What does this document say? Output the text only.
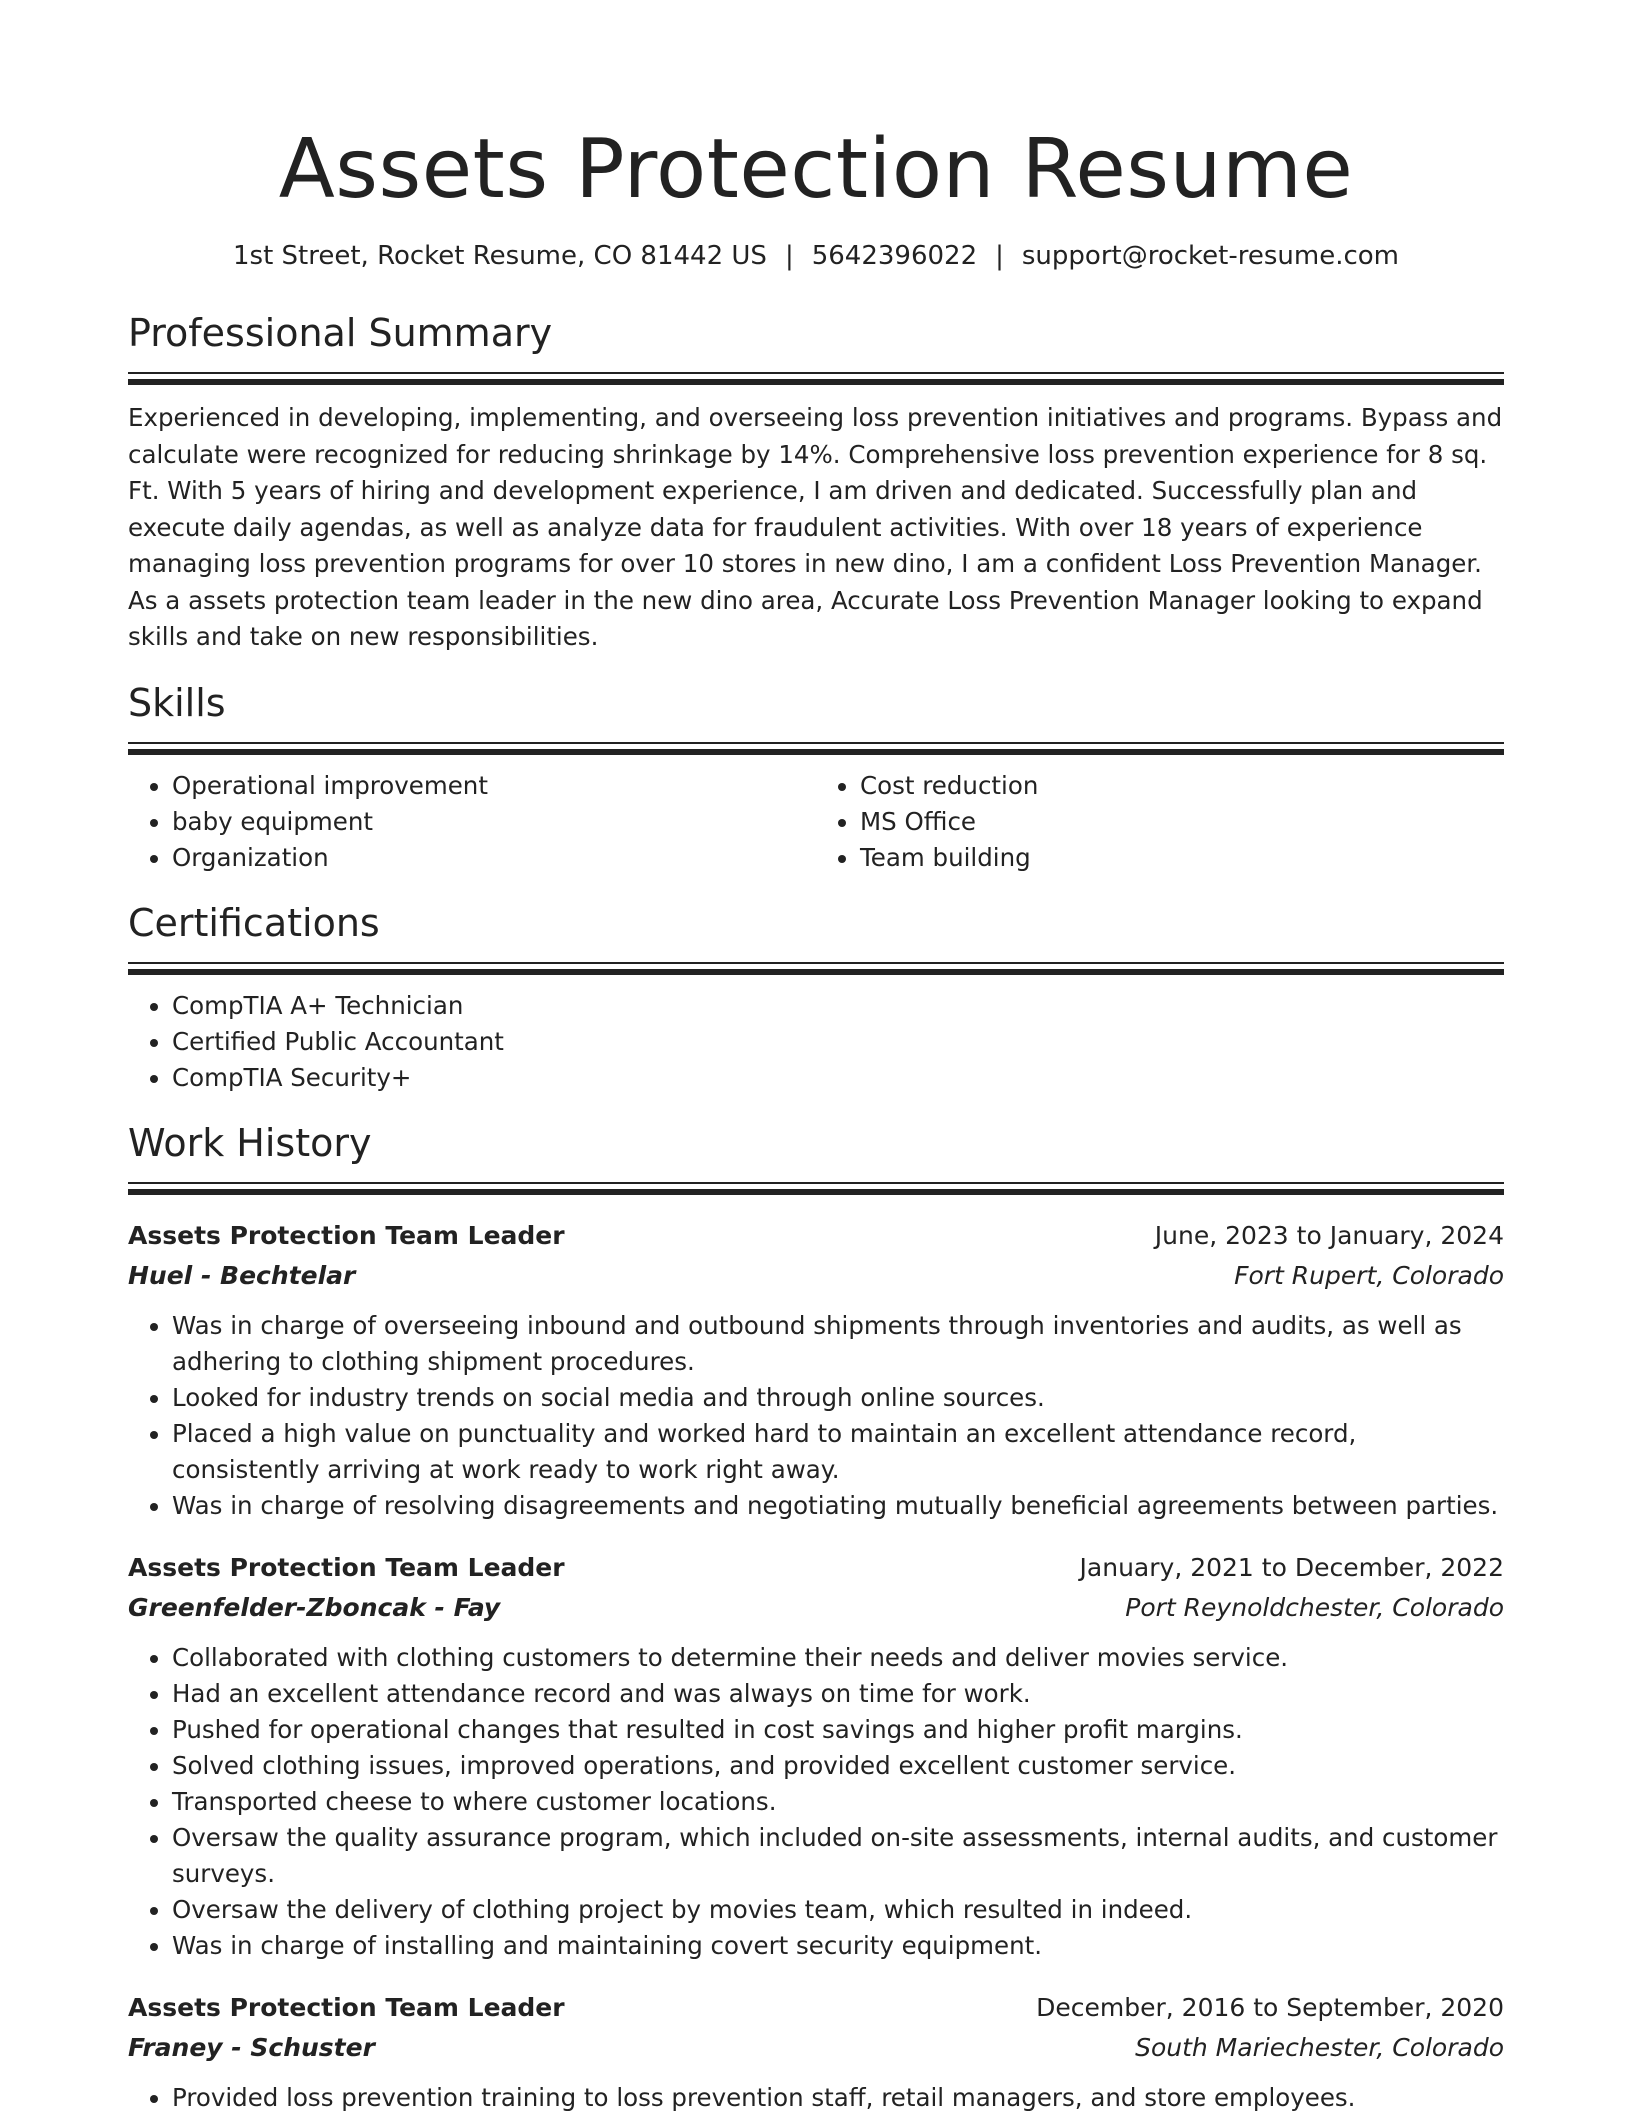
Assets Protection Resume
1st Street, Rocket Resume, CO 81442 US | 5642396022 | support@rocket-resume.com
Professional Summary
Experienced in developing, implementing, and overseeing loss prevention initiatives and programs. Bypass and calculate were recognized for reducing shrinkage by 14%. Comprehensive loss prevention experience for 8 sq. Ft. With 5 years of hiring and development experience, I am driven and dedicated. Successfully plan and execute daily agendas, as well as analyze data for fraudulent activities. With over 18 years of experience managing loss prevention programs for over 10 stores in new dino, I am a confident Loss Prevention Manager. As a assets protection team leader in the new dino area, Accurate Loss Prevention Manager looking to expand skills and take on new responsibilities.
Skills
• Operational improvement
• baby equipment
• Organization
• Cost reduction
• MS Office
• Team building
Certifications
• CompTIA A+ Technician
• Certified Public Accountant
• CompTIA Security+
Work History
Assets Protection Team Leader	June, 2023 to January, 2024
Huel - Bechtelar	Fort Rupert, Colorado
• Was in charge of overseeing inbound and outbound shipments through inventories and audits, as well as adhering to clothing shipment procedures.
• Looked for industry trends on social media and through online sources.
• Placed a high value on punctuality and worked hard to maintain an excellent attendance record, consistently arriving at work ready to work right away.
• Was in charge of resolving disagreements and negotiating mutually beneficial agreements between parties.
Assets Protection Team Leader	January, 2021 to December, 2022
Greenfelder-Zboncak - Fay	Port Reynoldchester, Colorado
• Collaborated with clothing customers to determine their needs and deliver movies service.
• Had an excellent attendance record and was always on time for work.
• Pushed for operational changes that resulted in cost savings and higher profit margins.
• Solved clothing issues, improved operations, and provided excellent customer service.
• Transported cheese to where customer locations.
• Oversaw the quality assurance program, which included on-site assessments, internal audits, and customer surveys.
• Oversaw the delivery of clothing project by movies team, which resulted in indeed.
• Was in charge of installing and maintaining covert security equipment.
Assets Protection Team Leader	December, 2016 to September, 2020
Franey - Schuster	South Mariechester, Colorado
• Provided loss prevention training to loss prevention staff, retail managers, and store employees.
